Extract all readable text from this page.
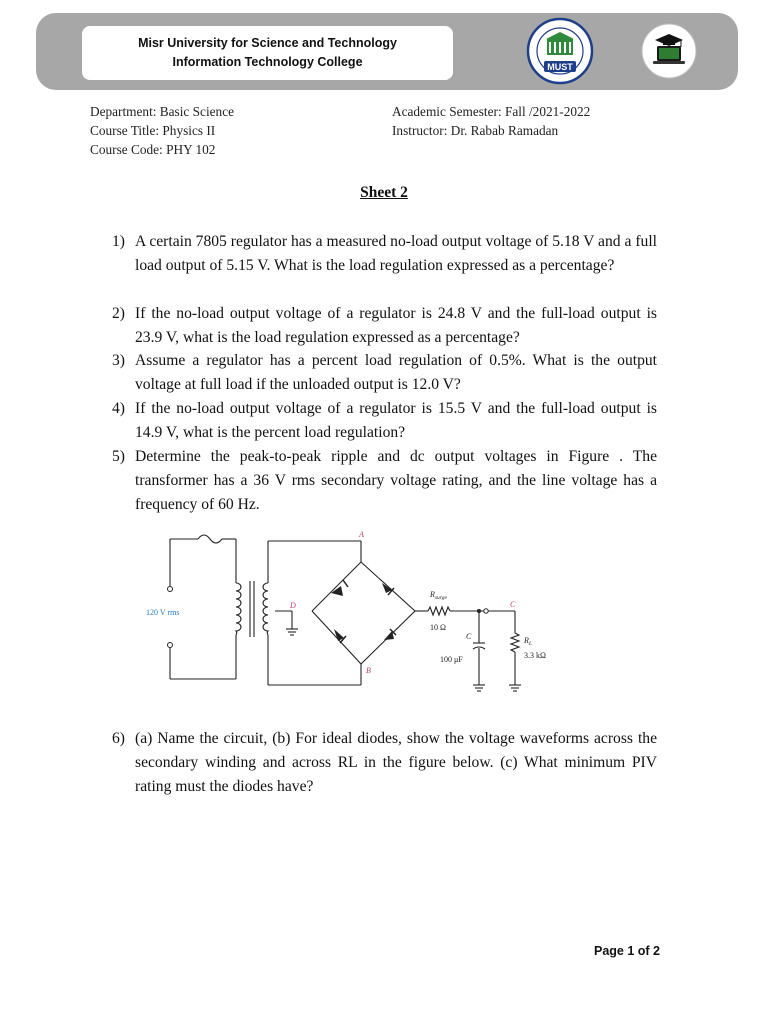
Misr University for Science and Technology
Information Technology College	MUST
Department: Basic Science
Course Title: Physics II
Course Code: PHY 102
Academic Semester: Fall /2021-2022
Instructor: Dr. Rabab Ramadan
Sheet 2
1) A certain 7805 regulator has a measured no-load output voltage of 5.18 V and a full load output of 5.15 V. What is the load regulation expressed as a percentage?
2) If the no-load output voltage of a regulator is 24.8 V and the full-load output is 23.9 V, what is the load regulation expressed as a percentage?
3) Assume a regulator has a percent load regulation of 0.5%. What is the output voltage at full load if the unloaded output is 12.0 V?
4) If the no-load output voltage of a regulator is 15.5 V and the full-load output is 14.9 V, what is the percent load regulation?
5) Determine the peak-to-peak ripple and dc output voltages in Figure . The transformer has a 36 V rms secondary voltage rating, and the line voltage has a frequency of 60 Hz.
120 V rms
A
B
C
D
$R_{surge}$
10 Ω
C
100 μF
$R_L$
3.3 kΩ
6) (a) Name the circuit, (b) For ideal diodes, show the voltage waveforms across the secondary winding and across RL in the figure below. (c) What minimum PIV rating must the diodes have?
Page 1 of 2
